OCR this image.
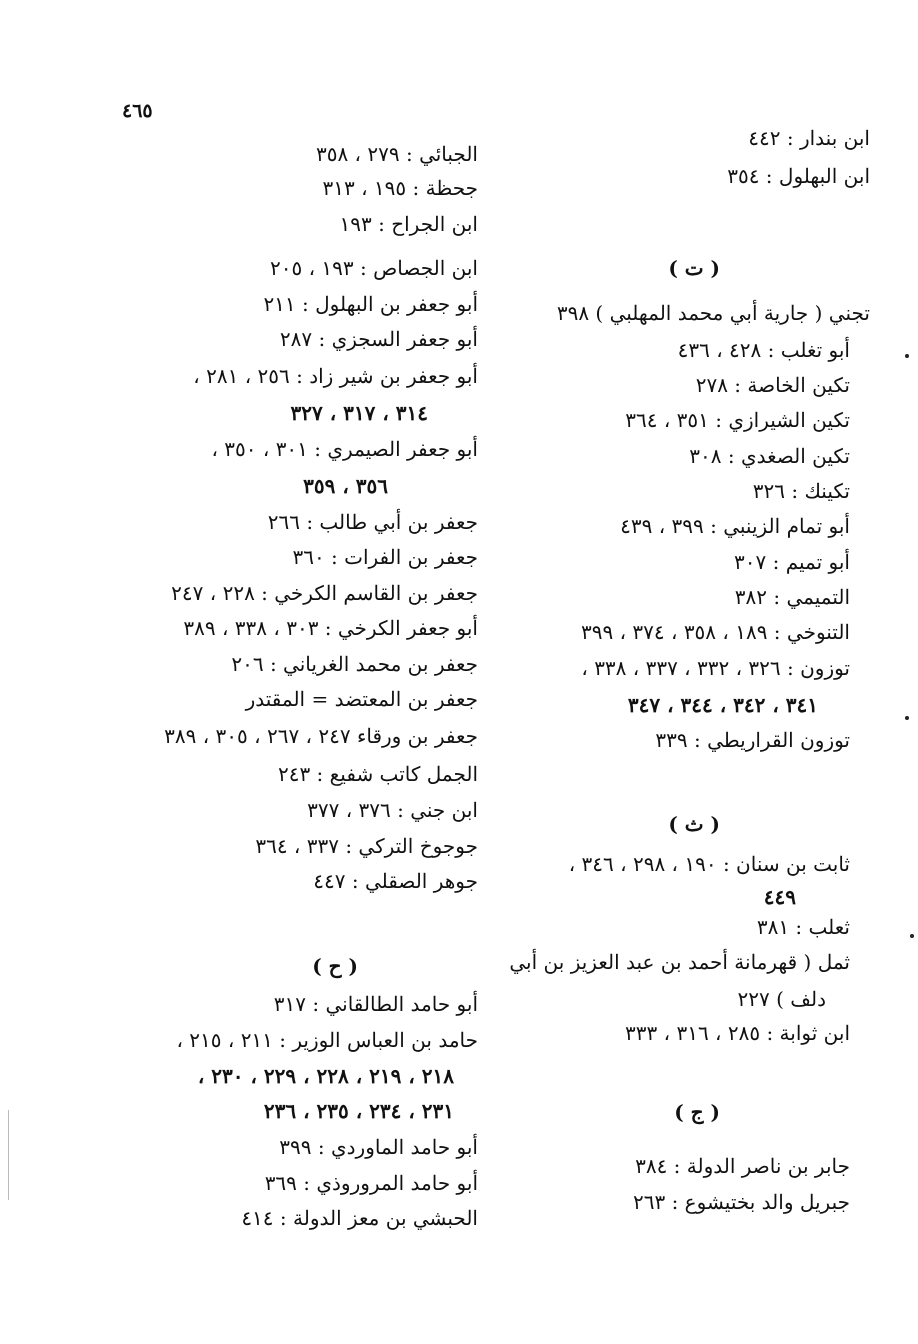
٤٦٥
ابن بندار : ٤٤٢
ابن البهلول : ٣٥٤
( ت )
تجني ( جارية أبي محمد المهلبي ) ٣٩٨
أبو تغلب : ٤٢٨ ، ٤٣٦
تكين الخاصة : ٢٧٨
تكين الشيرازي : ٣٥١ ، ٣٦٤
تكين الصغدي : ٣٠٨
تكينك : ٣٢٦
أبو تمام الزينبي : ٣٩٩ ، ٤٣٩
أبو تميم : ٣٠٧
التميمي : ٣٨٢
التنوخي : ١٨٩ ، ٣٥٨ ، ٣٧٤ ، ٣٩٩
توزون : ٣٢٦ ، ٣٣٢ ، ٣٣٧ ، ٣٣٨ ،
٣٤١ ، ٣٤٢ ، ٣٤٤ ، ٣٤٧
توزون القراريطي : ٣٣٩
( ث )
ثابت بن سنان : ١٩٠ ، ٢٩٨ ، ٣٤٦ ،
٤٤٩
ثعلب : ٣٨١
ثمل ( قهرمانة أحمد بن عبد العزيز بن أبي
دلف ) ٢٢٧
ابن ثوابة : ٢٨٥ ، ٣١٦ ، ٣٣٣
( ج )
جابر بن ناصر الدولة : ٣٨٤
جبريل والد بختيشوع : ٢٦٣
الجبائي : ٢٧٩ ، ٣٥٨
جحظة : ١٩٥ ، ٣١٣
ابن الجراح : ١٩٣
ابن الجصاص : ١٩٣ ، ٢٠٥
أبو جعفر بن البهلول : ٢١١
أبو جعفر السجزي : ٢٨٧
أبو جعفر بن شير زاد : ٢٥٦ ، ٢٨١ ،
٣١٤ ، ٣١٧ ، ٣٢٧
أبو جعفر الصيمري : ٣٠١ ، ٣٥٠ ،
٣٥٦ ، ٣٥٩
جعفر بن أبي طالب : ٢٦٦
جعفر بن الفرات : ٣٦٠
جعفر بن القاسم الكرخي : ٢٢٨ ، ٢٤٧
أبو جعفر الكرخي : ٣٠٣ ، ٣٣٨ ، ٣٨٩
جعفر بن محمد الغرياني : ٢٠٦
جعفر بن المعتضد = المقتدر
جعفر بن ورقاء ٢٤٧ ، ٢٦٧ ، ٣٠٥ ، ٣٨٩
الجمل كاتب شفيع : ٢٤٣
ابن جني : ٣٧٦ ، ٣٧٧
جوجوخ التركي : ٣٣٧ ، ٣٦٤
جوهر الصقلي : ٤٤٧
( ح )
أبو حامد الطالقاني : ٣١٧
حامد بن العباس الوزير : ٢١١ ، ٢١٥ ،
٢١٨ ، ٢١٩ ، ٢٢٨ ، ٢٢٩ ، ٢٣٠ ،
٢٣١ ، ٢٣٤ ، ٢٣٥ ، ٢٣٦
أبو حامد الماوردي : ٣٩٩
أبو حامد المروروذي : ٣٦٩
الحبشي بن معز الدولة : ٤١٤
